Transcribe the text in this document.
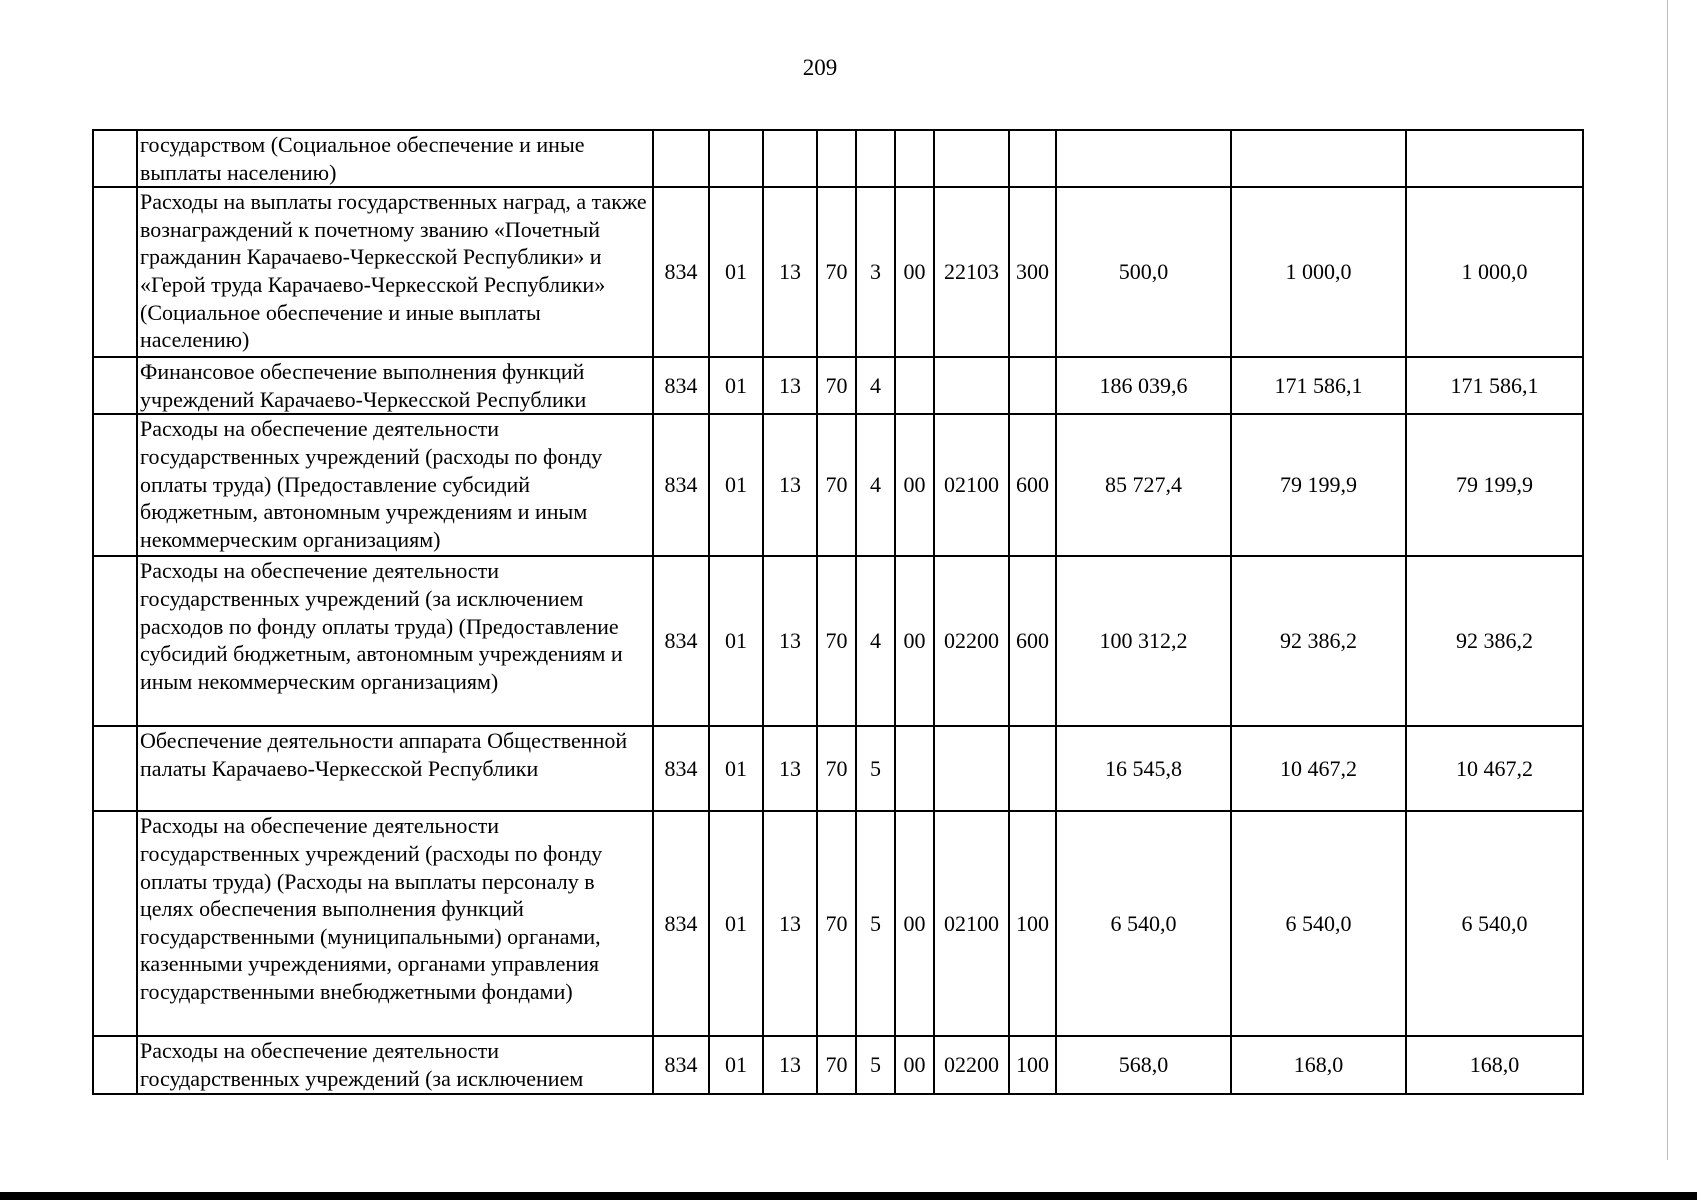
209
	государством (Социальное обеспечение и иные выплаты населению)											
	Расходы на выплаты государственных наград, а также вознаграждений к почетному званию «Почетный гражданин Карачаево-Черкесской Республики» и «Герой труда Карачаево-Черкесской Республики» (Социальное обеспечение и иные выплаты населению)	834	01	13	70	3	00	22103	300	500,0	1 000,0	1 000,0
	Финансовое обеспечение выполнения функций учреждений Карачаево-Черкесской Республики	834	01	13	70	4				186 039,6	171 586,1	171 586,1
	Расходы на обеспечение деятельности государственных учреждений (расходы по фонду оплаты труда) (Предоставление субсидий бюджетным, автономным учреждениям и иным некоммерческим организациям)	834	01	13	70	4	00	02100	600	85 727,4	79 199,9	79 199,9
	Расходы на обеспечение деятельности государственных учреждений (за исключением расходов по фонду оплаты труда) (Предоставление субсидий бюджетным, автономным учреждениям и иным некоммерческим организациям)	834	01	13	70	4	00	02200	600	100 312,2	92 386,2	92 386,2
	Обеспечение деятельности аппарата Общественной палаты Карачаево-Черкесской Республики	834	01	13	70	5				16 545,8	10 467,2	10 467,2
	Расходы на обеспечение деятельности государственных учреждений (расходы по фонду оплаты труда) (Расходы на выплаты персоналу в целях обеспечения выполнения функций государственными (муниципальными) органами, казенными учреждениями, органами управления государственными внебюджетными фондами)	834	01	13	70	5	00	02100	100	6 540,0	6 540,0	6 540,0
	Расходы на обеспечение деятельности государственных учреждений (за исключением	834	01	13	70	5	00	02200	100	568,0	168,0	168,0
